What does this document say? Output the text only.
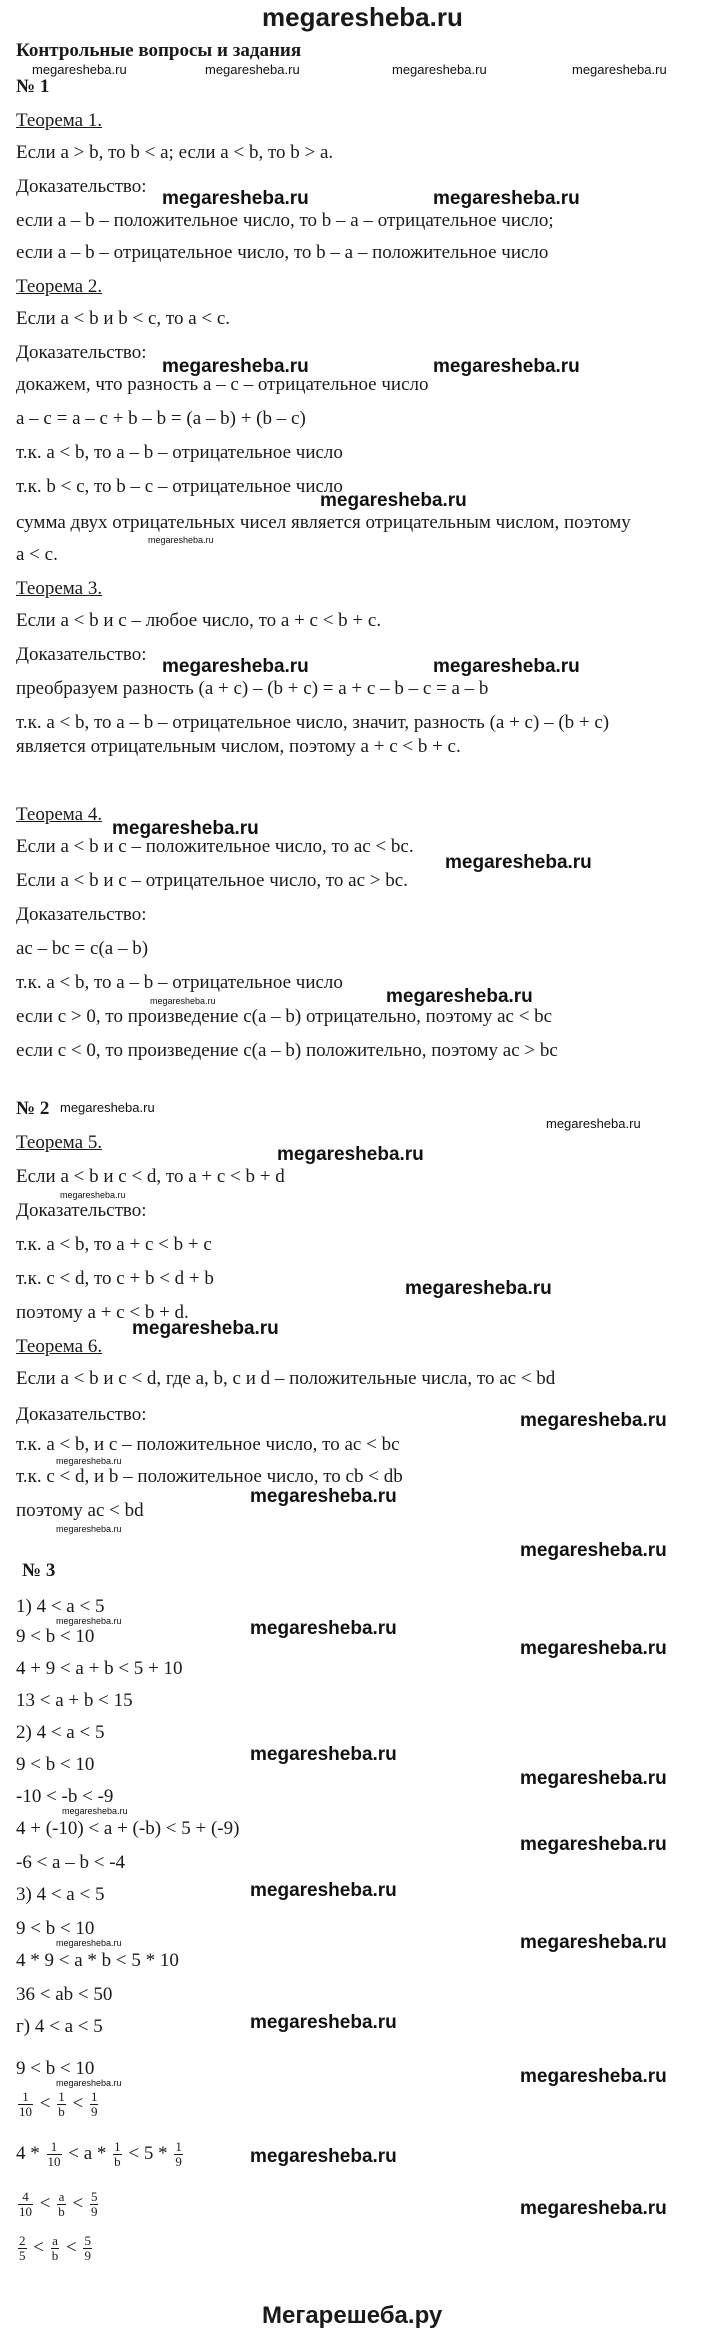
megaresheba.ru
Контрольные вопросы и задания
megaresheba.ru	megaresheba.ru	megaresheba.ru	megaresheba.ru
№ 1
Теорема 1.
Если a > b, то b < a; если a < b, то b > a.
Доказательство:
megaresheba.ru	megaresheba.ru
если a – b – положительное число, то b – a – отрицательное число;
если a – b – отрицательное число, то b – a – положительное число
Теорема 2.
Если a < b и b < c, то a < c.
Доказательство:
megaresheba.ru	megaresheba.ru
докажем, что разность a – c – отрицательное число
a – c = a – c + b – b = (a – b) + (b – c)
т.к. a < b, то a – b – отрицательное число
т.к. b < c, то b – c – отрицательное число
megaresheba.ru
сумма двух отрицательных чисел является отрицательным числом, поэтому
megaresheba.ru
a < c.
Теорема 3.
Если a < b и c – любое число, то a + c < b + c.
Доказательство:
megaresheba.ru	megaresheba.ru
преобразуем разность (a + c) – (b + c) = a + c – b – c = a – b
т.к. a < b, то a – b – отрицательное число, значит, разность (a + c) – (b + c)
является отрицательным числом, поэтому a + c < b + c.
Теорема 4.
megaresheba.ru
Если a < b и c – положительное число, то ac < bc.
megaresheba.ru
Если a < b и c – отрицательное число, то ac > bc.
Доказательство:
ac – bc = c(a – b)
т.к. a < b, то a – b – отрицательное число
megaresheba.ru	megaresheba.ru
если c > 0, то произведение c(a – b) отрицательно, поэтому ac < bc
если c < 0, то произведение c(a – b) положительно, поэтому ac > bc
№ 2 megaresheba.ru
megaresheba.ru
Теорема 5.
megaresheba.ru
Если a < b и c < d, то a + c < b + d
megaresheba.ru
Доказательство:
т.к. a < b, то a + c < b + c
т.к. c < d, то c + b < d + b	megaresheba.ru
поэтому a + c < b + d.
megaresheba.ru
Теорема 6.
Если a < b и c < d, где a, b, c и d – положительные числа, то ac < bd
Доказательство:	megaresheba.ru
т.к. a < b, и c – положительное число, то ac < bc
megaresheba.ru
т.к. c < d, и b – положительное число, то cb < db
megaresheba.ru
поэтому ac < bd
megaresheba.ru
megaresheba.ru
№ 3
1) 4 < a < 5
megaresheba.ru	megaresheba.ru
9 < b < 10
megaresheba.ru
4 + 9 < a + b < 5 + 10
13 < a + b < 15
2) 4 < a < 5
megaresheba.ru
9 < b < 10
megaresheba.ru
-10 < -b < -9
megaresheba.ru
4 + (-10) < a + (-b) < 5 + (-9)
megaresheba.ru
-6 < a – b < -4
megaresheba.ru
3) 4 < a < 5
megaresheba.ru
9 < b < 10
megaresheba.ru
4 * 9 < a * b < 5 * 10
36 < ab < 50
г) 4 < a < 5	megaresheba.ru
9 < b < 10
megaresheba.ru	megaresheba.ru
$\frac{1}{10} < \frac{1}{b} < \frac{1}{9}$
$4 * \frac{1}{10} < a * \frac{1}{b} < 5 * \frac{1}{9}$	megaresheba.ru
$\frac{4}{10} < \frac{a}{b} < \frac{5}{9}$	megaresheba.ru
$\frac{2}{5} < \frac{a}{b} < \frac{5}{9}$
Мегарешеба.ру
